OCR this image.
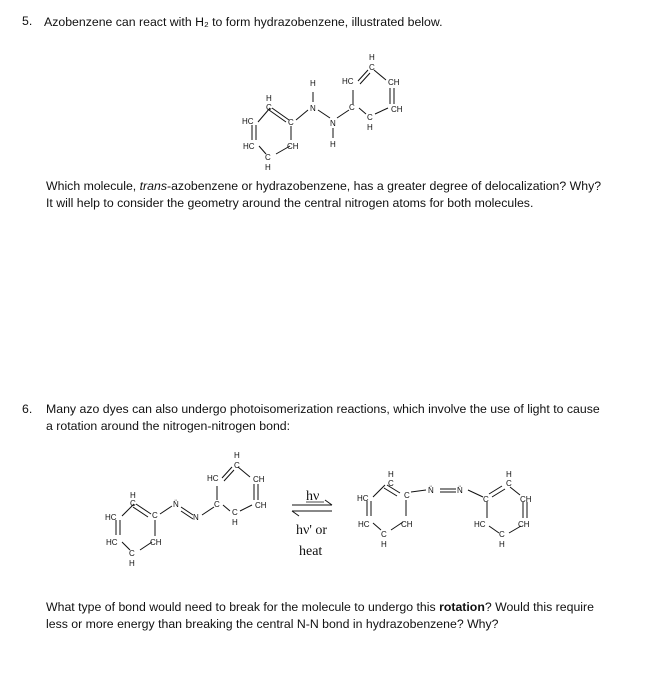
5. Azobenzene can react with H₂ to form hydrazobenzene, illustrated below.
H
C
HC	CH
H
N	C	CH
N
C
H
H
C
HC	C
HC	CH	H
C
H
H
C
HC	CH
C	CH
C
H
N̈
N
H
C
HC	C
HC	CH
C
H
hν
hν' or
heat
H
C
HC	C
HC	CH
C
H
N̈	N̈
C
H
C
CH
HC	CH
C
H
Which molecule, trans-azobenzene or hydrazobenzene, has a greater degree of delocalization? Why?
It will help to consider the geometry around the central nitrogen atoms for both molecules.
6. Many azo dyes can also undergo photoisomerization reactions, which involve the use of light to cause
a rotation around the nitrogen-nitrogen bond:
What type of bond would need to break for the molecule to undergo this rotation? Would this require
less or more energy than breaking the central N-N bond in hydrazobenzene? Why?
